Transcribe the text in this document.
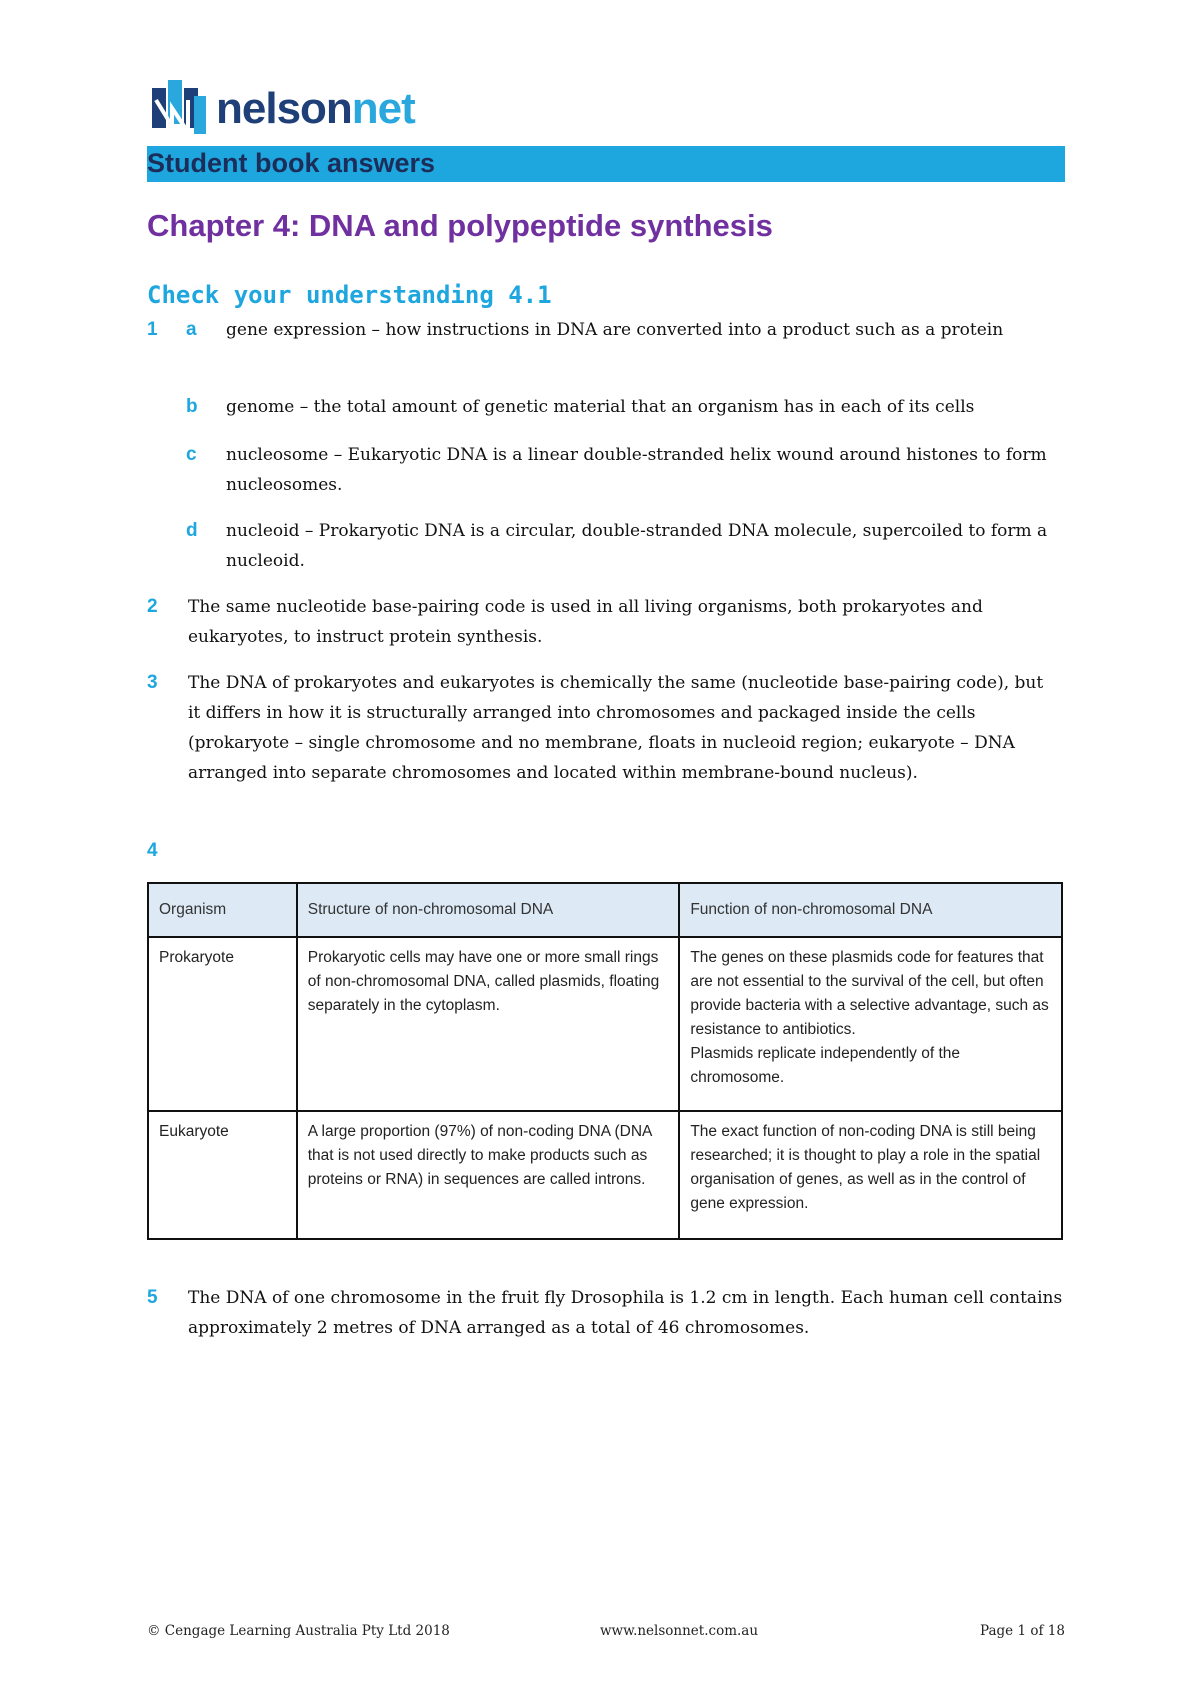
nelsonnet
Student book answers
Chapter 4: DNA and polypeptide synthesis
Check your understanding 4.1
1 a gene expression – how instructions in DNA are converted into a product such as a protein
b genome – the total amount of genetic material that an organism has in each of its cells
c nucleosome – Eukaryotic DNA is a linear double-stranded helix wound around histones to form nucleosomes.
d nucleoid – Prokaryotic DNA is a circular, double-stranded DNA molecule, supercoiled to form a nucleoid.
2 The same nucleotide base-pairing code is used in all living organisms, both prokaryotes and eukaryotes, to instruct protein synthesis.
3 The DNA of prokaryotes and eukaryotes is chemically the same (nucleotide base-pairing code), but it differs in how it is structurally arranged into chromosomes and packaged inside the cells (prokaryote – single chromosome and no membrane, floats in nucleoid region; eukaryote – DNA arranged into separate chromosomes and located within membrane-bound nucleus).
4
Organism	Structure of non-chromosomal DNA	Function of non-chromosomal DNA
Prokaryote	Prokaryotic cells may have one or more small rings of non-chromosomal DNA, called plasmids, floating separately in the cytoplasm.	The genes on these plasmids code for features that are not essential to the survival of the cell, but often provide bacteria with a selective advantage, such as resistance to antibiotics.
Plasmids replicate independently of the chromosome.

Eukaryote	A large proportion (97%) of non-coding DNA (DNA that is not used directly to make products such as proteins or RNA) in sequences are called introns.	The exact function of non-coding DNA is still being researched; it is thought to play a role in the spatial organisation of genes, as well as in the control of gene expression.
5 The DNA of one chromosome in the fruit fly Drosophila is 1.2 cm in length. Each human cell contains approximately 2 metres of DNA arranged as a total of 46 chromosomes.
© Cengage Learning Australia Pty Ltd 2018	www.nelsonnet.com.au	Page 1 of 18
